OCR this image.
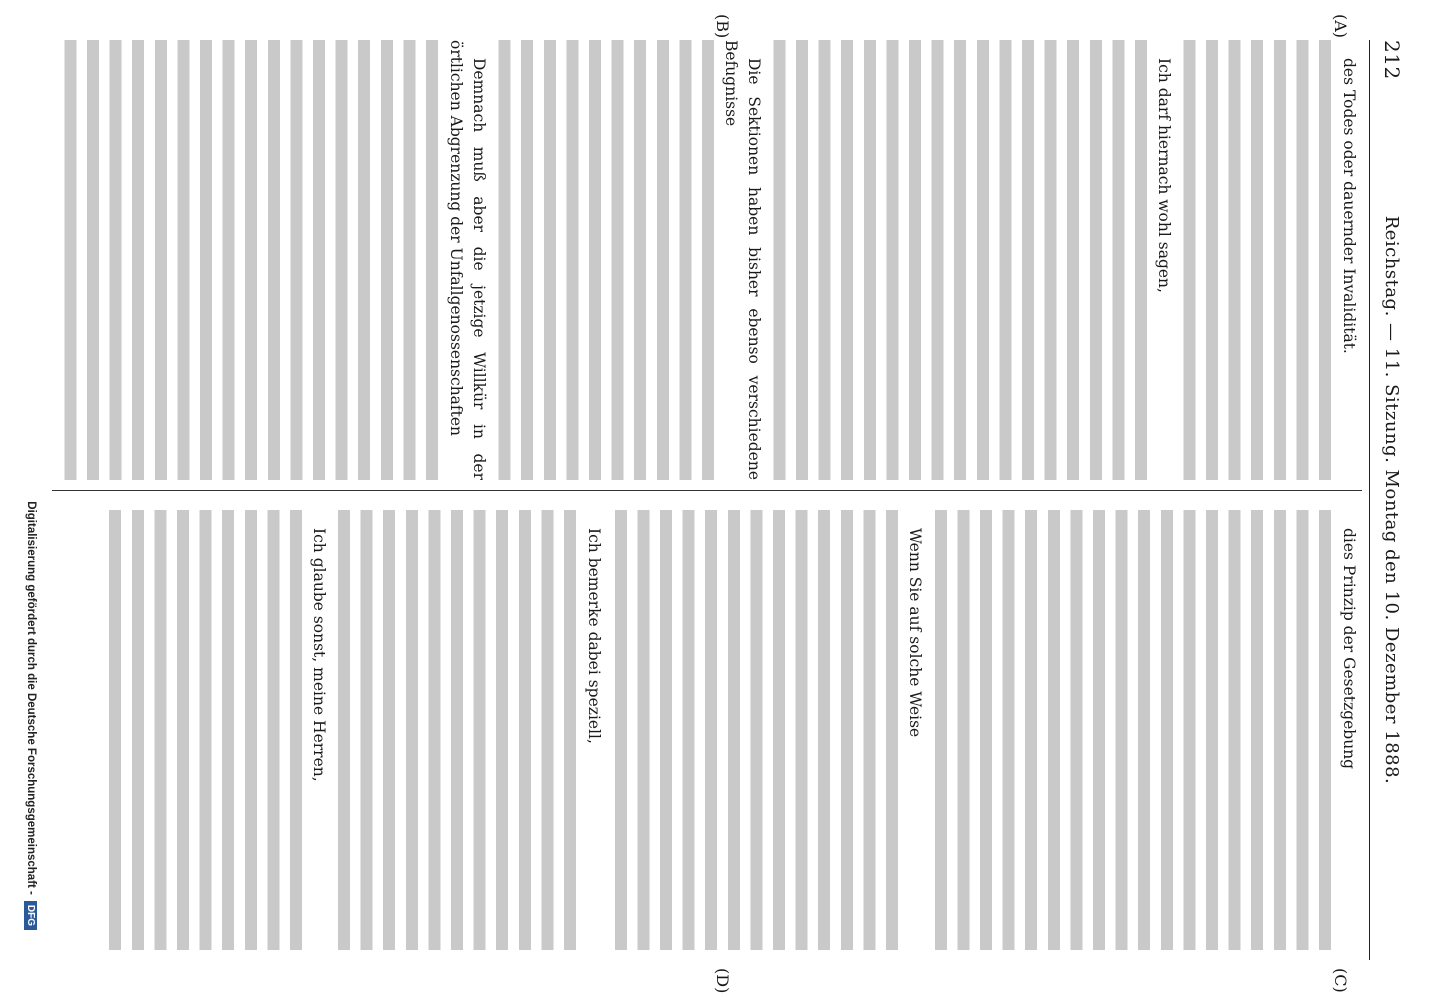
212
Reichstag. — 11. Sitzung. Montag den 10. Dezember 1888.
(A)
(B)
(C)
(D)

des Todes oder dauernder Invalidität.

Ich darf hiernach wohl sagen,

Die Sektionen haben bisher ebenso verschiedene Befugnisse

Demnach muß aber die jetzige Willkür in der örtlichen Abgrenzung der Unfallgenossenschaften

dies Prinzip der Gesetzgebung

Wenn Sie auf solche Weise

Ich bemerke dabei speziell,

Ich glaube sonst, meine Herren,

Digitalisierung gefördert durch die Deutsche Forschungsgemeinschaft -DFG
